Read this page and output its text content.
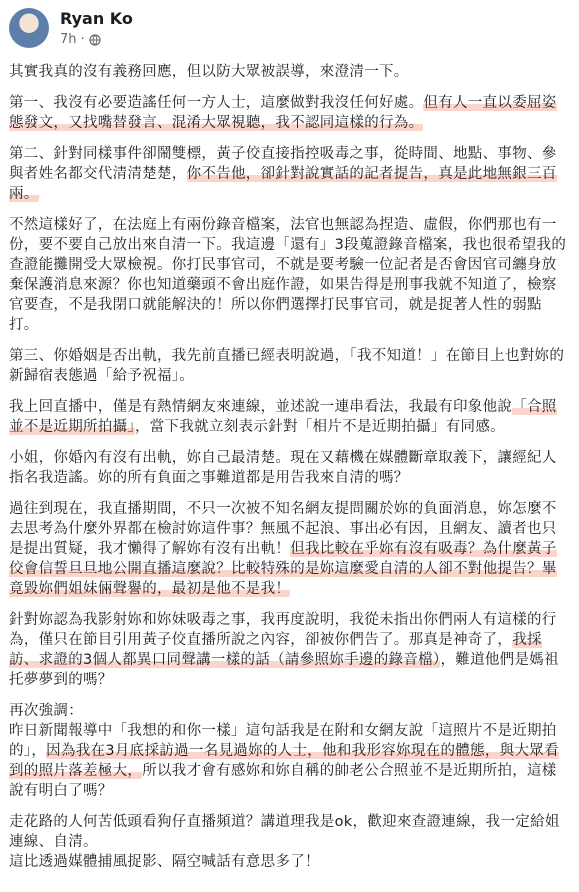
Ryan Ko
7h ·

其實我真的沒有義務回應，但以防大眾被誤導，來澄清一下。

第一、我沒有必要造謠任何一方人士，這麼做對我沒任何好處。但有人一直以委屈姿態發文，又找嘴替發言、混淆大眾視聽，我不認同這樣的行為。

第二、針對同樣事件卻鬧雙標，黃子佼直接指控吸毒之事，從時間、地點、事物、參與者姓名都交代清清楚楚，你不告他，卻針對說實話的記者提告，真是此地無銀三百兩。

不然這樣好了，在法庭上有兩份錄音檔案，法官也無認為捏造、虛假，你們那也有一份，要不要自己放出來自清一下。我這邊「還有」3段蒐證錄音檔案，我也很希望我的查證能攤開受大眾檢視。你打民事官司，不就是要考驗一位記者是否會因官司纏身放棄保護消息來源？你也知道藥頭不會出庭作證，如果告得是刑事我就不知道了，檢察官要查，不是我閉口就能解決的！所以你們選擇打民事官司，就是捉著人性的弱點打。

第三、你婚姻是否出軌，我先前直播已經表明說過，「我不知道！」在節目上也對妳的新歸宿表態過「給予祝福」。

我上回直播中，僅是有熱情網友來連線，並述說一連串看法，我最有印象他說「合照並不是近期所拍攝」，當下我就立刻表示針對「相片不是近期拍攝」有同感。

小姐，你婚內有沒有出軌，妳自己最清楚。現在又藉機在媒體斷章取義下，讓經紀人指名我造謠。妳的所有負面之事難道都是用告我來自清的嗎？

過往到現在，我直播期間，不只一次被不知名網友提問關於妳的負面消息，妳怎麼不去思考為什麼外界都在檢討妳這件事？無風不起浪、事出必有因，且網友、讀者也只是提出質疑，我才懶得了解妳有沒有出軌！但我比較在乎妳有沒有吸毒？為什麼黃子佼會信誓旦旦地公開直播這麼說？比較特殊的是妳這麼愛自清的人卻不對他提告？畢竟毀妳們姐妹倆聲譽的，最初是他不是我！

針對妳認為我影射妳和妳妹吸毒之事，我再度說明，我從未指出你們兩人有這樣的行為，僅只在節目引用黃子佼直播所說之內容，卻被你們告了。那真是神奇了，我採訪、求證的3個人都異口同聲講一樣的話（請參照妳手邊的錄音檔），難道他們是媽祖托夢夢到的嗎？

再次強調：
昨日新聞報導中「我想的和你一樣」這句話我是在附和女網友說「這照片不是近期拍的」，因為我在3月底採訪過一名見過妳的人士，他和我形容妳現在的體態，與大眾看到的照片落差極大，所以我才會有感妳和妳自稱的帥老公合照並不是近期所拍，這樣說有明白了嗎？

走花路的人何苦低頭看狗仔直播頻道？講道理我是ok，歡迎來查證連線，我一定給姐連線、自清。
這比透過媒體捕風捉影、隔空喊話有意思多了！
